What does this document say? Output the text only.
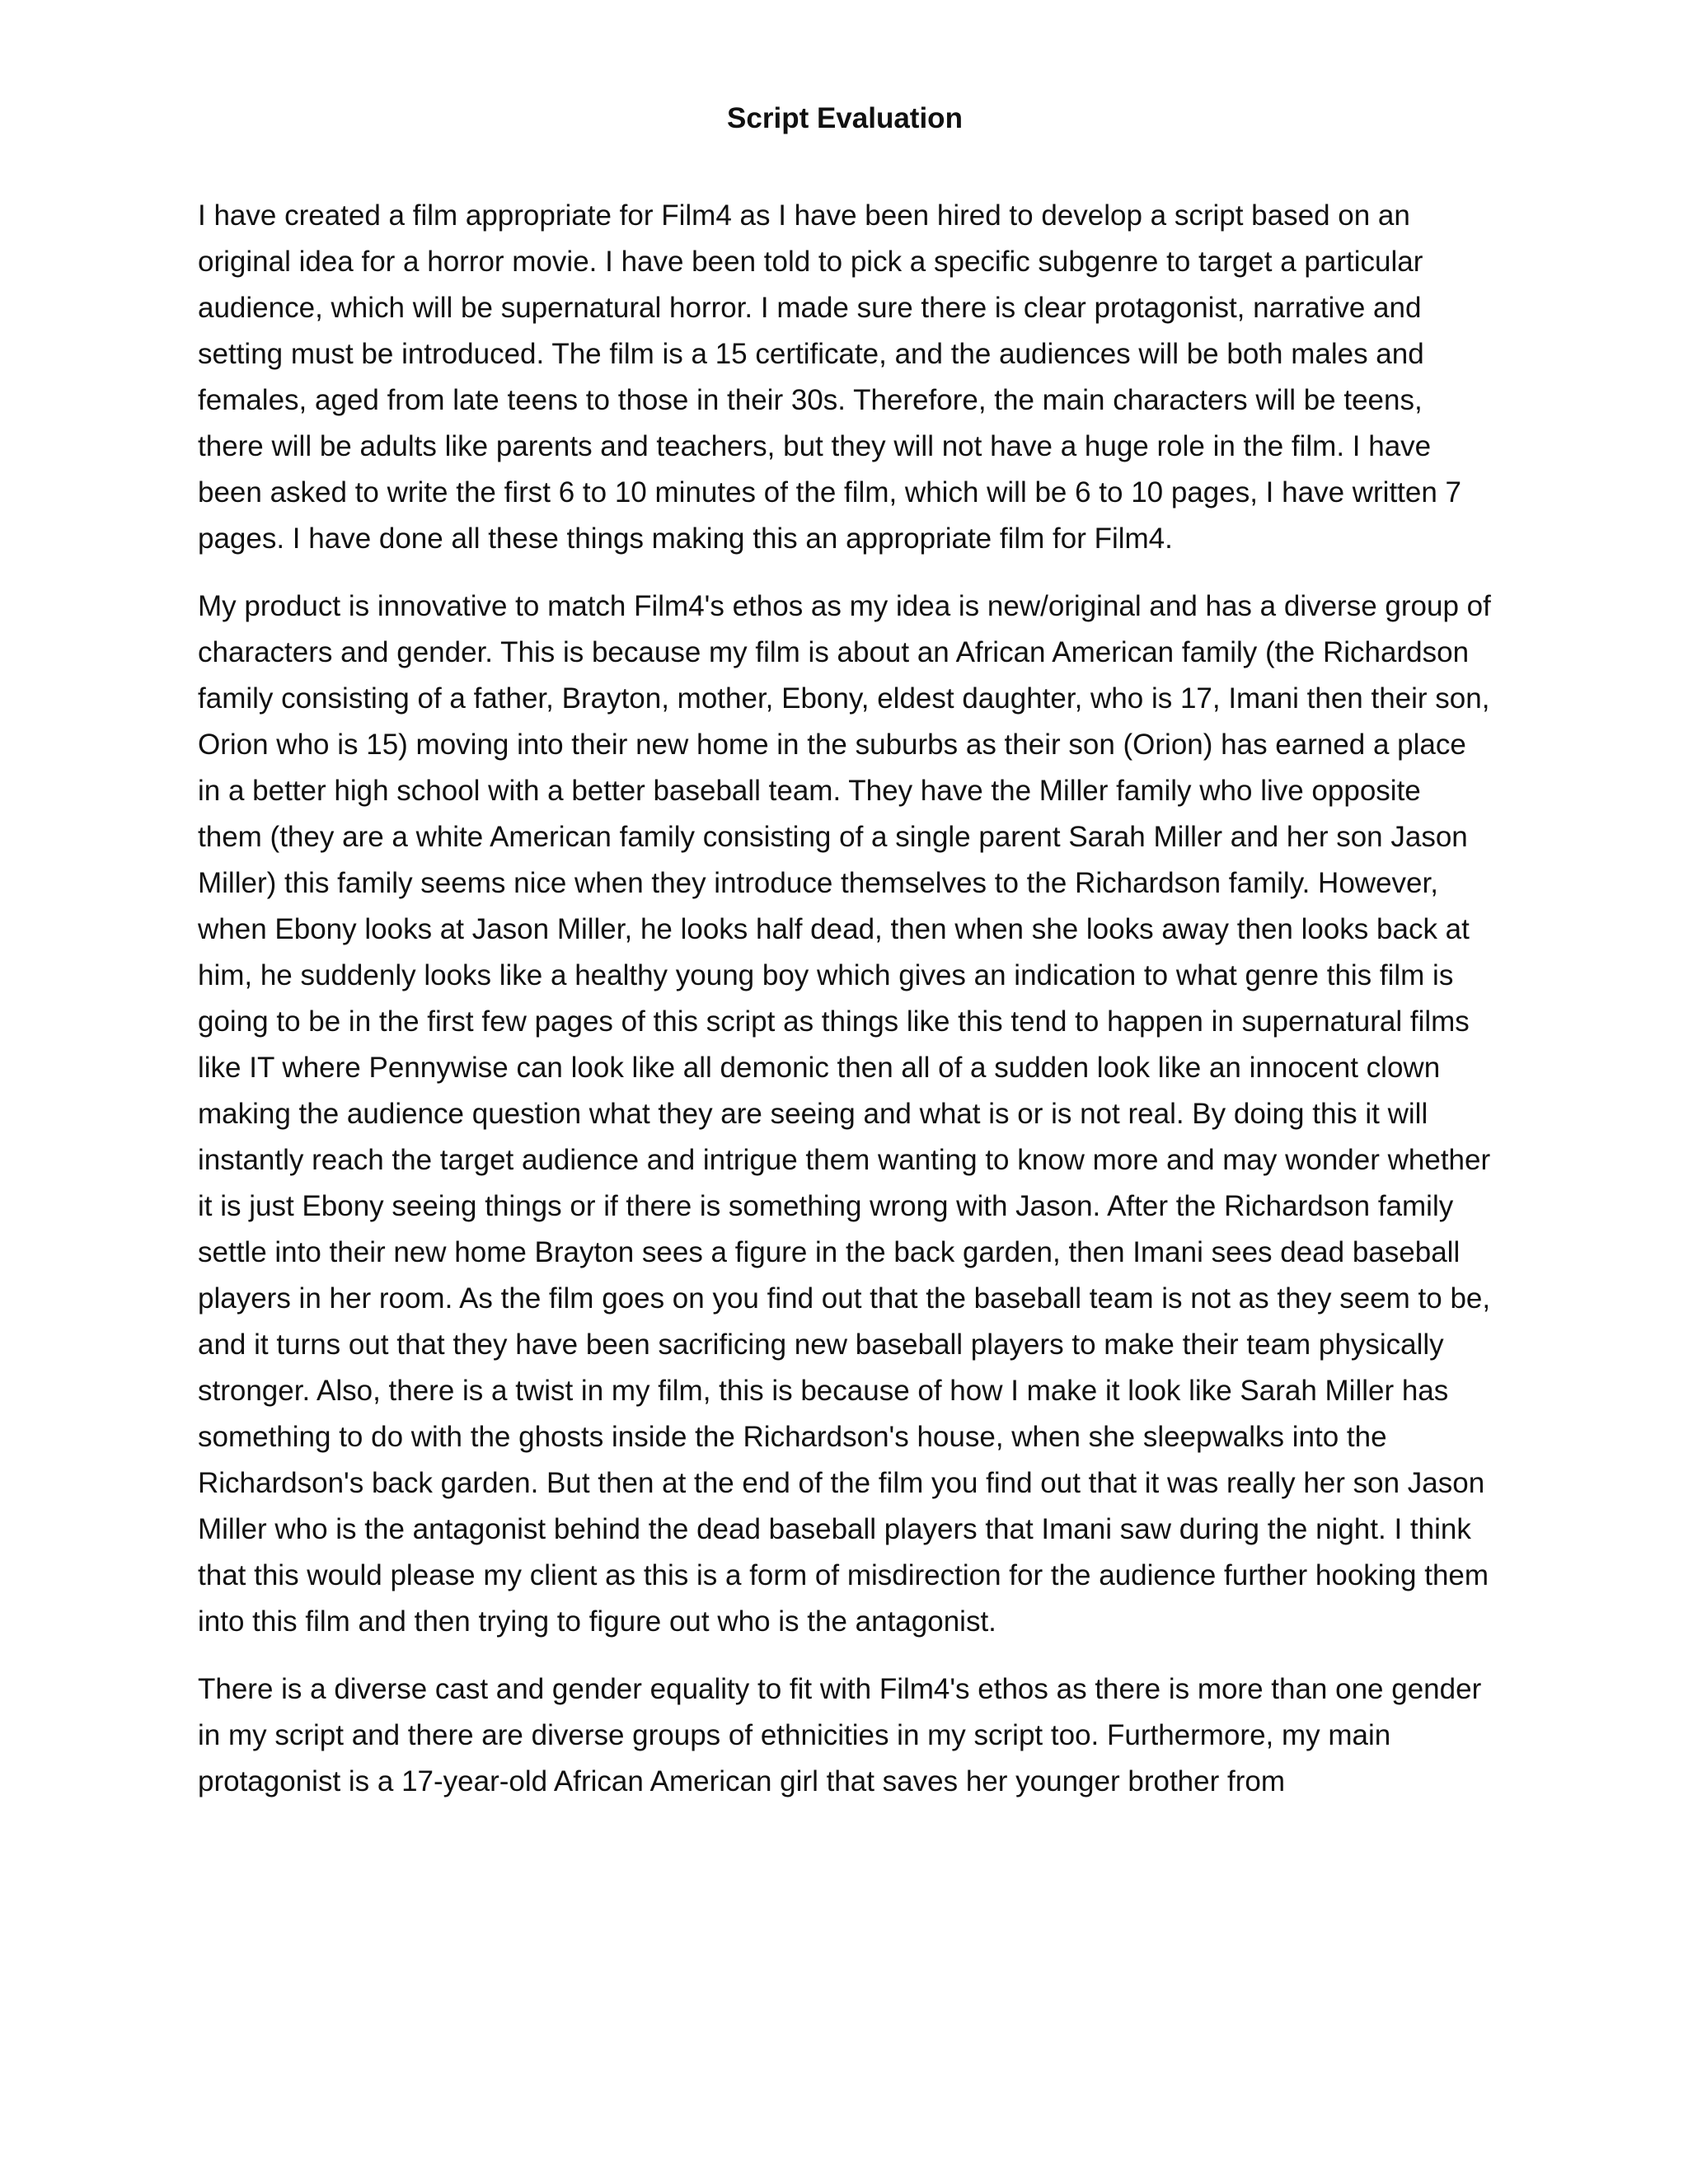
Script Evaluation

I have created a film appropriate for Film4 as I have been hired to develop a script based on an original idea for a horror movie. I have been told to pick a specific subgenre to target a particular audience, which will be supernatural horror. I made sure there is clear protagonist, narrative and setting must be introduced. The film is a 15 certificate, and the audiences will be both males and females, aged from late teens to those in their 30s. Therefore, the main characters will be teens, there will be adults like parents and teachers, but they will not have a huge role in the film. I have been asked to write the first 6 to 10 minutes of the film, which will be 6 to 10 pages, I have written 7 pages. I have done all these things making this an appropriate film for Film4.

My product is innovative to match Film4's ethos as my idea is new/original and has a diverse group of characters and gender. This is because my film is about an African American family (the Richardson family consisting of a father, Brayton, mother, Ebony, eldest daughter, who is 17, Imani then their son, Orion who is 15) moving into their new home in the suburbs as their son (Orion) has earned a place in a better high school with a better baseball team. They have the Miller family who live opposite them (they are a white American family consisting of a single parent Sarah Miller and her son Jason Miller) this family seems nice when they introduce themselves to the Richardson family. However, when Ebony looks at Jason Miller, he looks half dead, then when she looks away then looks back at him, he suddenly looks like a healthy young boy which gives an indication to what genre this film is going to be in the first few pages of this script as things like this tend to happen in supernatural films like IT where Pennywise can look like all demonic then all of a sudden look like an innocent clown making the audience question what they are seeing and what is or is not real. By doing this it will instantly reach the target audience and intrigue them wanting to know more and may wonder whether it is just Ebony seeing things or if there is something wrong with Jason. After the Richardson family settle into their new home Brayton sees a figure in the back garden, then Imani sees dead baseball players in her room. As the film goes on you find out that the baseball team is not as they seem to be, and it turns out that they have been sacrificing new baseball players to make their team physically stronger. Also, there is a twist in my film, this is because of how I make it look like Sarah Miller has something to do with the ghosts inside the Richardson's house, when she sleepwalks into the Richardson's back garden. But then at the end of the film you find out that it was really her son Jason Miller who is the antagonist behind the dead baseball players that Imani saw during the night. I think that this would please my client as this is a form of misdirection for the audience further hooking them into this film and then trying to figure out who is the antagonist.

There is a diverse cast and gender equality to fit with Film4's ethos as there is more than one gender in my script and there are diverse groups of ethnicities in my script too. Furthermore, my main protagonist is a 17-year-old African American girl that saves her younger brother from
